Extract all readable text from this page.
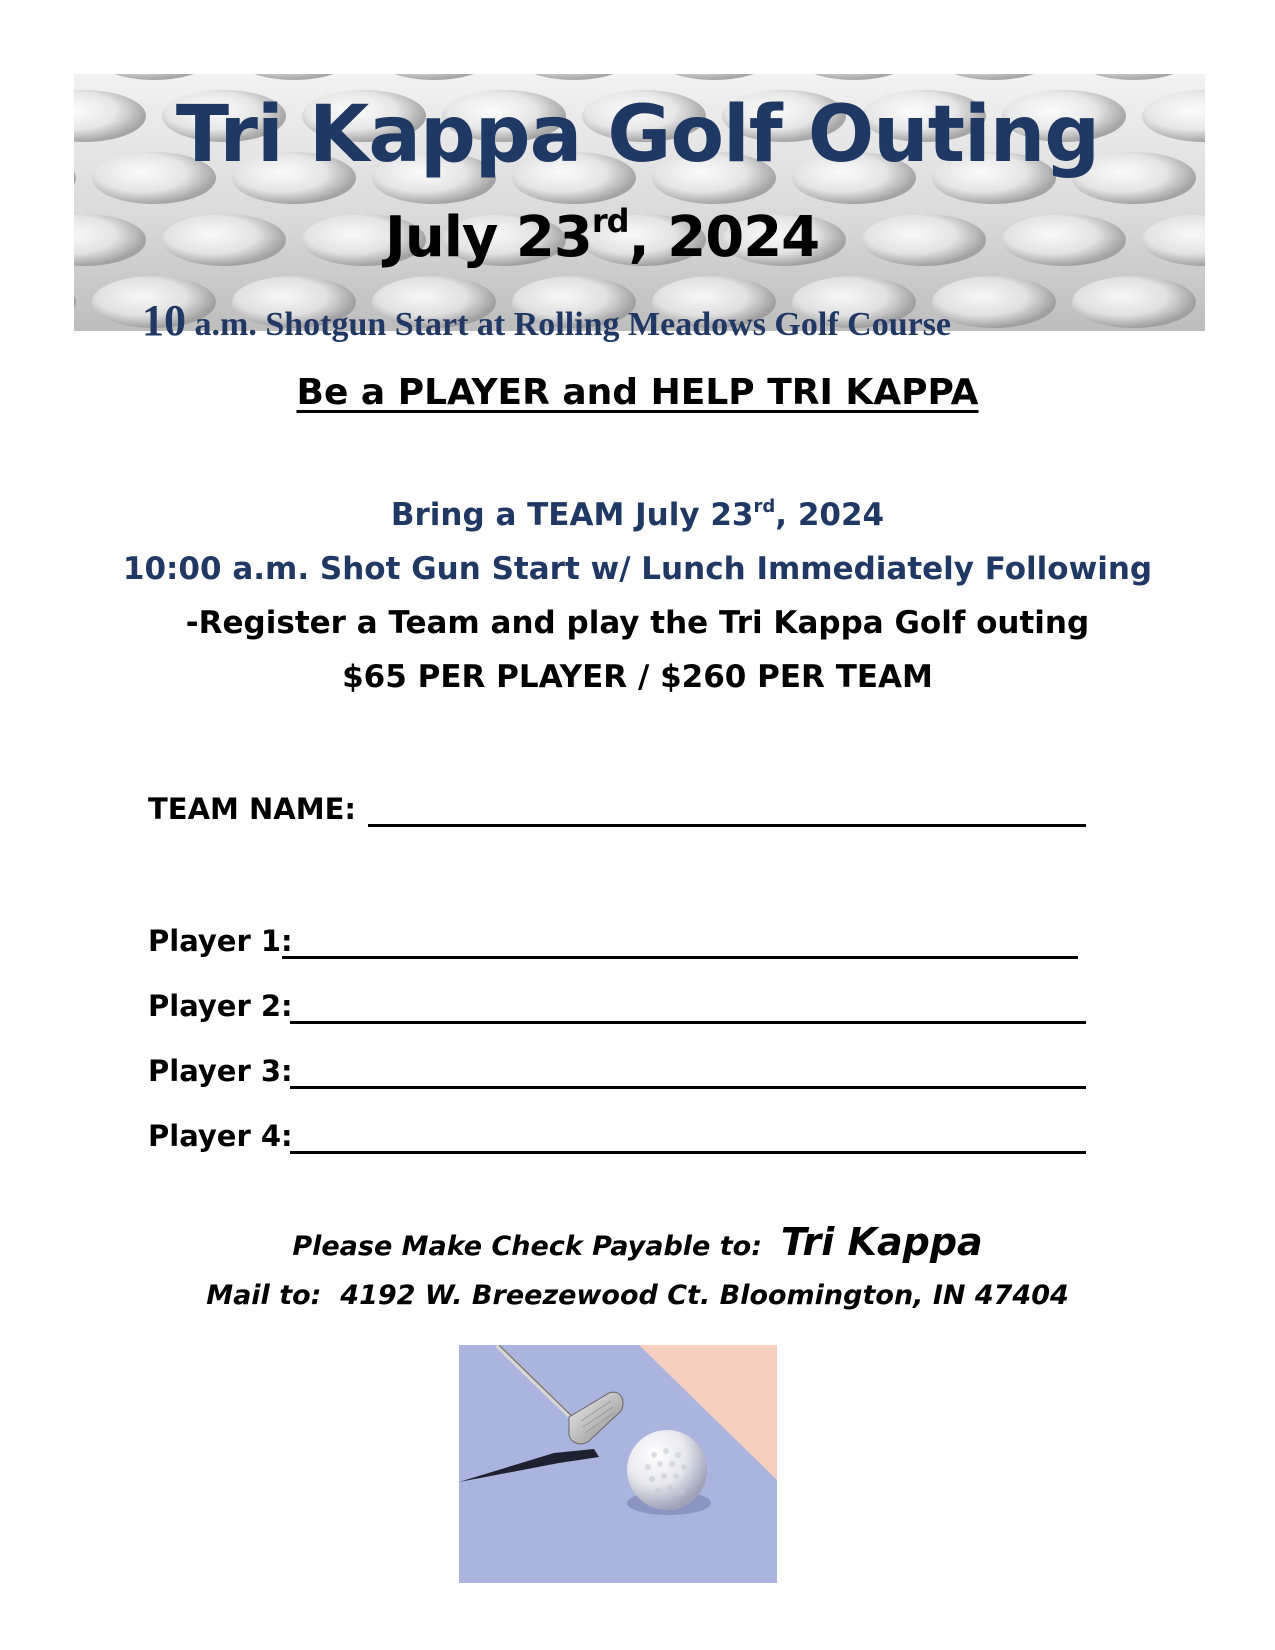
Tri Kappa Golf Outing
July 23rd, 2024
10 a.m. Shotgun Start at Rolling Meadows Golf Course
Be a PLAYER and HELP TRI KAPPA
Bring a TEAM July 23rd, 2024
10:00 a.m. Shot Gun Start w/ Lunch Immediately Following
-Register a Team and play the Tri Kappa Golf outing
$65 PER PLAYER / $260 PER TEAM
TEAM NAME:
Player 1:
Player 2:
Player 3:
Player 4:
Please Make Check Payable to: Tri Kappa
Mail to: 4192 W. Breezewood Ct. Bloomington, IN 47404
